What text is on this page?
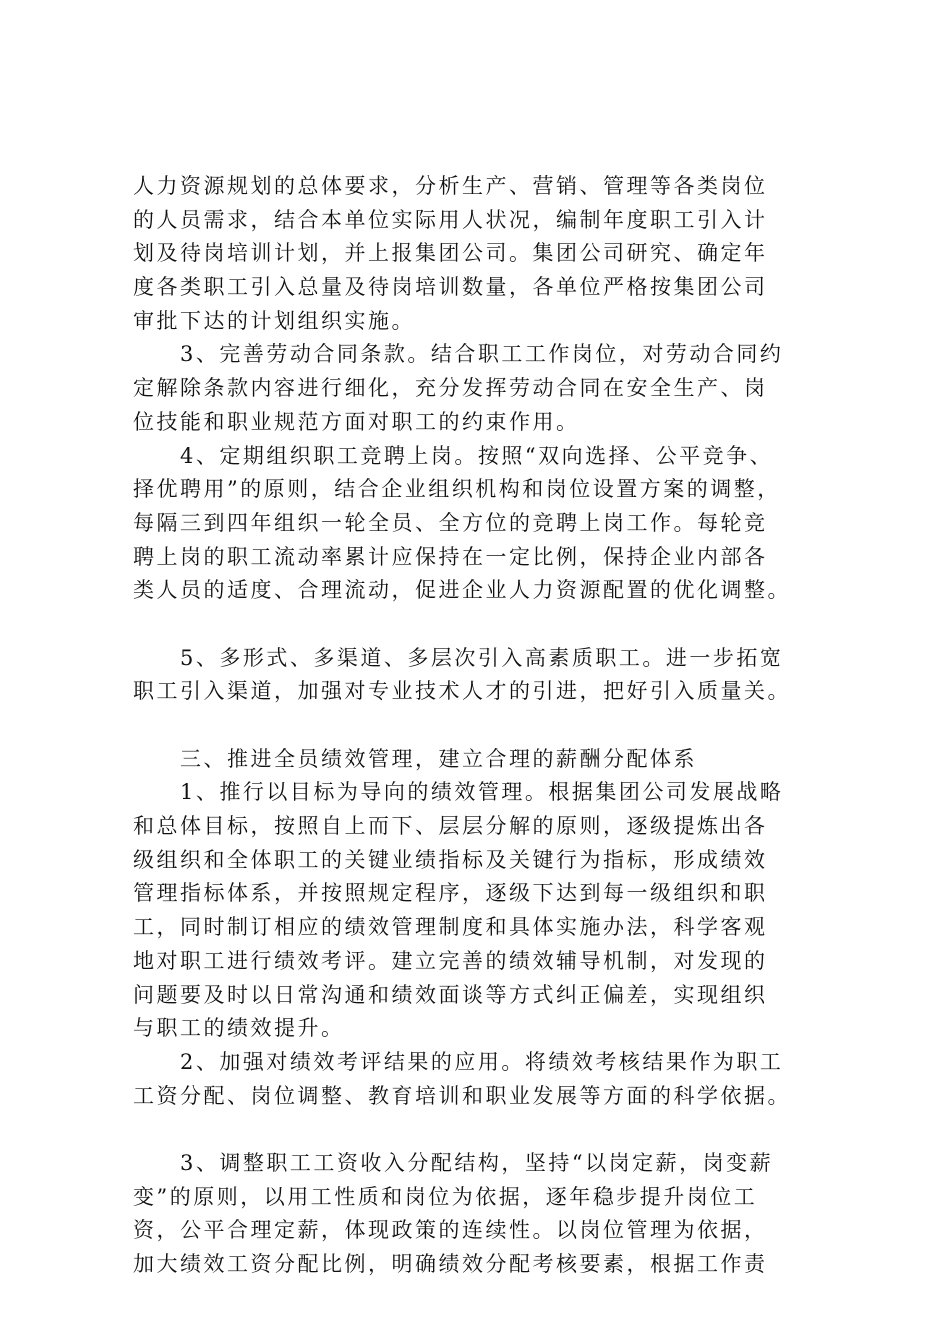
人力资源规划的总体要求，分析生产、营销、管理等各类岗位
的人员需求，结合本单位实际用人状况，编制年度职工引入计
划及待岗培训计划，并上报集团公司。集团公司研究、确定年
度各类职工引入总量及待岗培训数量，各单位严格按集团公司
审批下达的计划组织实施。
　　3、完善劳动合同条款。结合职工工作岗位，对劳动合同约
定解除条款内容进行细化，充分发挥劳动合同在安全生产、岗
位技能和职业规范方面对职工的约束作用。
　　4、定期组织职工竞聘上岗。按照“双向选择、公平竞争、
择优聘用”的原则，结合企业组织机构和岗位设置方案的调整，
每隔三到四年组织一轮全员、全方位的竞聘上岗工作。每轮竞
聘上岗的职工流动率累计应保持在一定比例，保持企业内部各
类人员的适度、合理流动，促进企业人力资源配置的优化调整。
　　5、多形式、多渠道、多层次引入高素质职工。进一步拓宽
职工引入渠道，加强对专业技术人才的引进，把好引入质量关。
　　三、推进全员绩效管理，建立合理的薪酬分配体系
　　1、推行以目标为导向的绩效管理。根据集团公司发展战略
和总体目标，按照自上而下、层层分解的原则，逐级提炼出各
级组织和全体职工的关键业绩指标及关键行为指标，形成绩效
管理指标体系，并按照规定程序，逐级下达到每一级组织和职
工，同时制订相应的绩效管理制度和具体实施办法，科学客观
地对职工进行绩效考评。建立完善的绩效辅导机制，对发现的
问题要及时以日常沟通和绩效面谈等方式纠正偏差，实现组织
与职工的绩效提升。
　　2、加强对绩效考评结果的应用。将绩效考核结果作为职工
工资分配、岗位调整、教育培训和职业发展等方面的科学依据。
　　3、调整职工工资收入分配结构，坚持“以岗定薪，岗变薪
变”的原则，以用工性质和岗位为依据，逐年稳步提升岗位工
资，公平合理定薪，体现政策的连续性。以岗位管理为依据，
加大绩效工资分配比例，明确绩效分配考核要素，根据工作责
